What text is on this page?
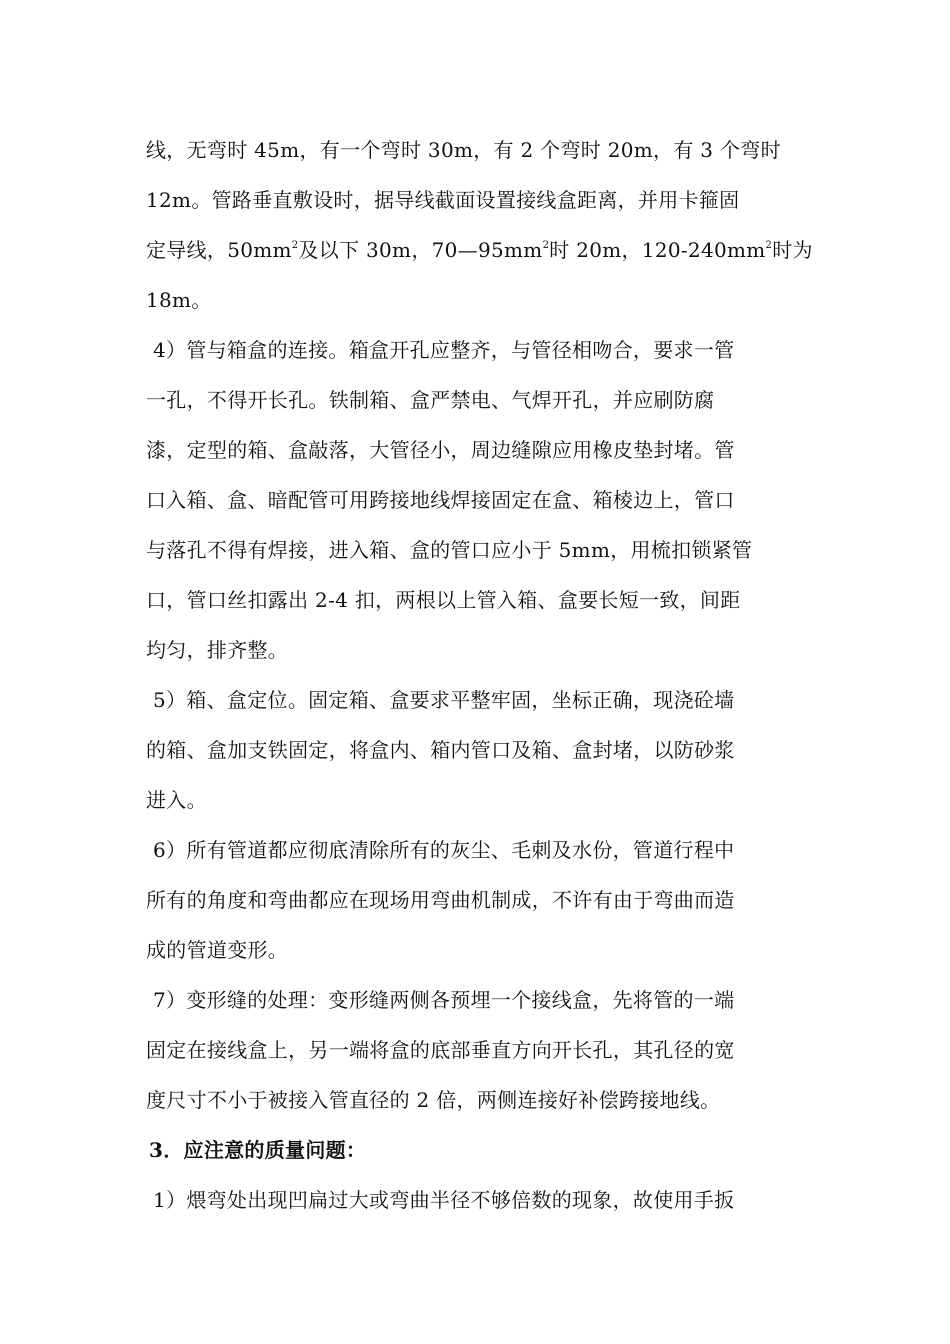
线，无弯时 45m，有一个弯时 30m，有 2 个弯时 20m，有 3 个弯时
12m。管路垂直敷设时，据导线截面设置接线盒距离，并用卡箍固
定导线，$50mm^2$及以下 30m，$70—95mm^2$时 20m，$120-240mm^2$时为
18m。
4）管与箱盒的连接。箱盒开孔应整齐，与管径相吻合，要求一管
一孔，不得开长孔。铁制箱、盒严禁电、气焊开孔，并应刷防腐
漆，定型的箱、盒敲落，大管径小，周边缝隙应用橡皮垫封堵。管
口入箱、盒、暗配管可用跨接地线焊接固定在盒、箱棱边上，管口
与落孔不得有焊接，进入箱、盒的管口应小于 5mm，用梳扣锁紧管
口，管口丝扣露出 2-4 扣，两根以上管入箱、盒要长短一致，间距
均匀，排齐整。
5）箱、盒定位。固定箱、盒要求平整牢固，坐标正确，现浇砼墙
的箱、盒加支铁固定，将盒内、箱内管口及箱、盒封堵，以防砂浆
进入。
6）所有管道都应彻底清除所有的灰尘、毛刺及水份，管道行程中
所有的角度和弯曲都应在现场用弯曲机制成，不许有由于弯曲而造
成的管道变形。
7）变形缝的处理：变形缝两侧各预埋一个接线盒，先将管的一端
固定在接线盒上，另一端将盒的底部垂直方向开长孔，其孔径的宽
度尺寸不小于被接入管直径的 2 倍，两侧连接好补偿跨接地线。
3．应注意的质量问题：
1）煨弯处出现凹扁过大或弯曲半径不够倍数的现象，故使用手扳
